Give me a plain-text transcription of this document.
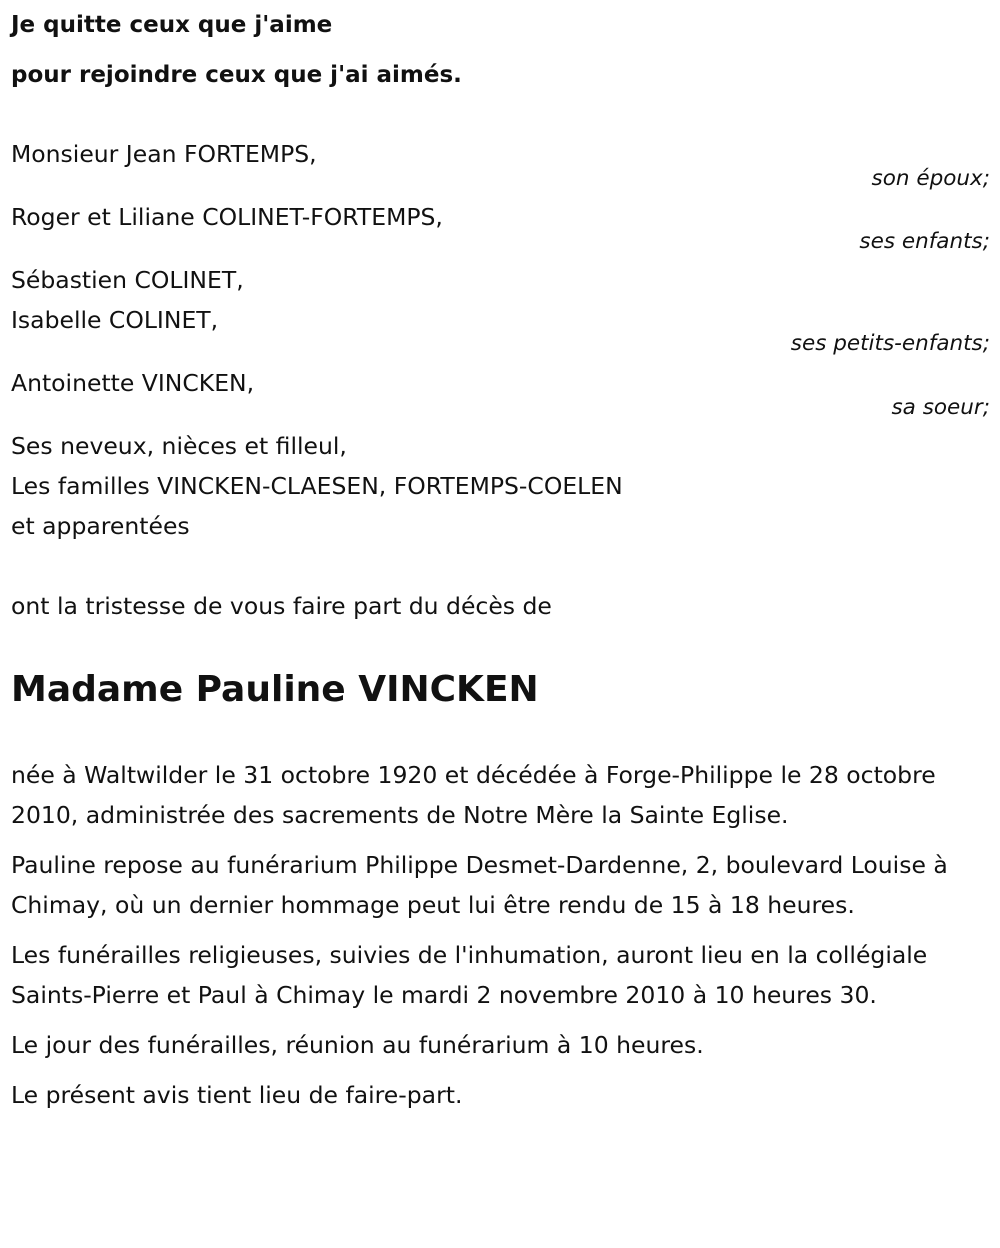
Je quitte ceux que j'aime
pour rejoindre ceux que j'ai aimés.
Monsieur Jean FORTEMPS,
son époux;
Roger et Liliane COLINET-FORTEMPS,
ses enfants;
Sébastien COLINET,
Isabelle COLINET,
ses petits-enfants;
Antoinette VINCKEN,
sa soeur;
Ses neveux, nièces et filleul,
Les familles VINCKEN-CLAESEN, FORTEMPS-COELEN
et apparentées
ont la tristesse de vous faire part du décès de
Madame Pauline VINCKEN

née à Waltwilder le 31 octobre 1920 et décédée à Forge-Philippe le 28 octobre 2010, administrée des sacrements de Notre Mère la Sainte Eglise.

Pauline repose au funérarium Philippe Desmet-Dardenne, 2, boulevard Louise à Chimay, où un dernier hommage peut lui être rendu de 15 à 18 heures.

Les funérailles religieuses, suivies de l'inhumation, auront lieu en la collégiale Saints-Pierre et Paul à Chimay le mardi 2 novembre 2010 à 10 heures 30.

Le jour des funérailles, réunion au funérarium à 10 heures.

Le présent avis tient lieu de faire-part.
